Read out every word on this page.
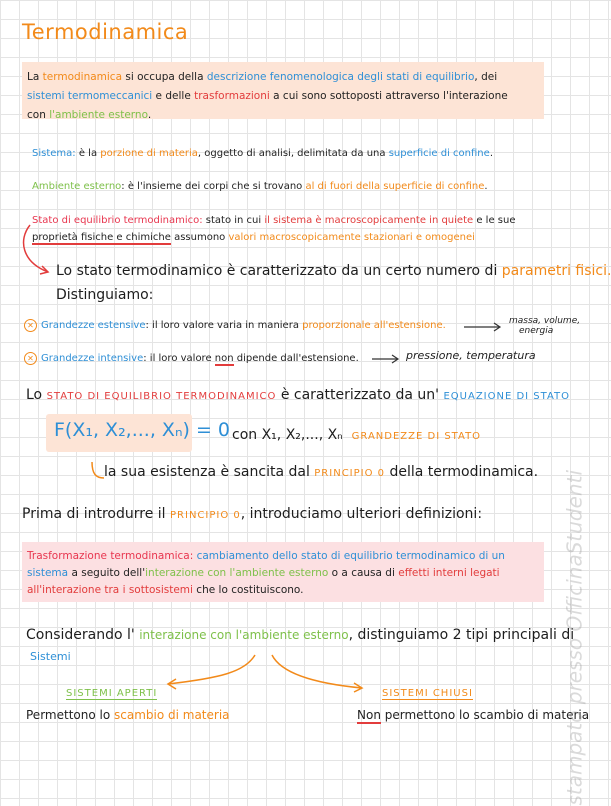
Termodinamica
La termodinamica si occupa della descrizione fenomenologica degli stati di equilibrio, dei
sistemi termomeccanici e delle trasformazioni a cui sono sottoposti attraverso l'interazione
con l'ambiente esterno.
Sistema: è la porzione di materia, oggetto di analisi, delimitata da una superficie di confine.
Ambiente esterno: è l'insieme dei corpi che si trovano al di fuori della superficie di confine.
Stato di equilibrio termodinamico: stato in cui il sistema è macroscopicamente in quiete e le sue
proprietà fisiche e chimiche assumono valori macroscopicamente stazionari e omogenei
Lo stato termodinamico è caratterizzato da un certo numero di parametri fisici.
Distinguiamo:
✕ Grandezze estensive: il loro valore varia in maniera proporzionale all'estensione.	massa, volume,
energia
✕ Grandezze intensive: il loro valore non dipende dall'estensione.	pressione, temperatura
Lo STATO DI EQUILIBRIO TERMODINAMICO è caratterizzato da un' EQUAZIONE DI STATO
F(X₁, X₂,..., Xₙ) = 0 con X₁, X₂,..., Xₙ GRANDEZZE DI STATO
la sua esistenza è sancita dal PRINCIPIO 0 della termodinamica.
Prima di introdurre il PRINCIPIO 0, introduciamo ulteriori definizioni:
Trasformazione termodinamica: cambiamento dello stato di equilibrio termodinamico di un
sistema a seguito dell'interazione con l'ambiente esterno o a causa di effetti interni legati
all'interazione tra i sottosistemi che lo costituiscono.
Considerando l' interazione con l'ambiente esterno, distinguiamo 2 tipi principali di
Sistemi
SISTEMI APERTI
Permettono lo scambio di materia
SISTEMI CHIUSI
Non permettono lo scambio di materia
stampato presso OfficinaStudenti
